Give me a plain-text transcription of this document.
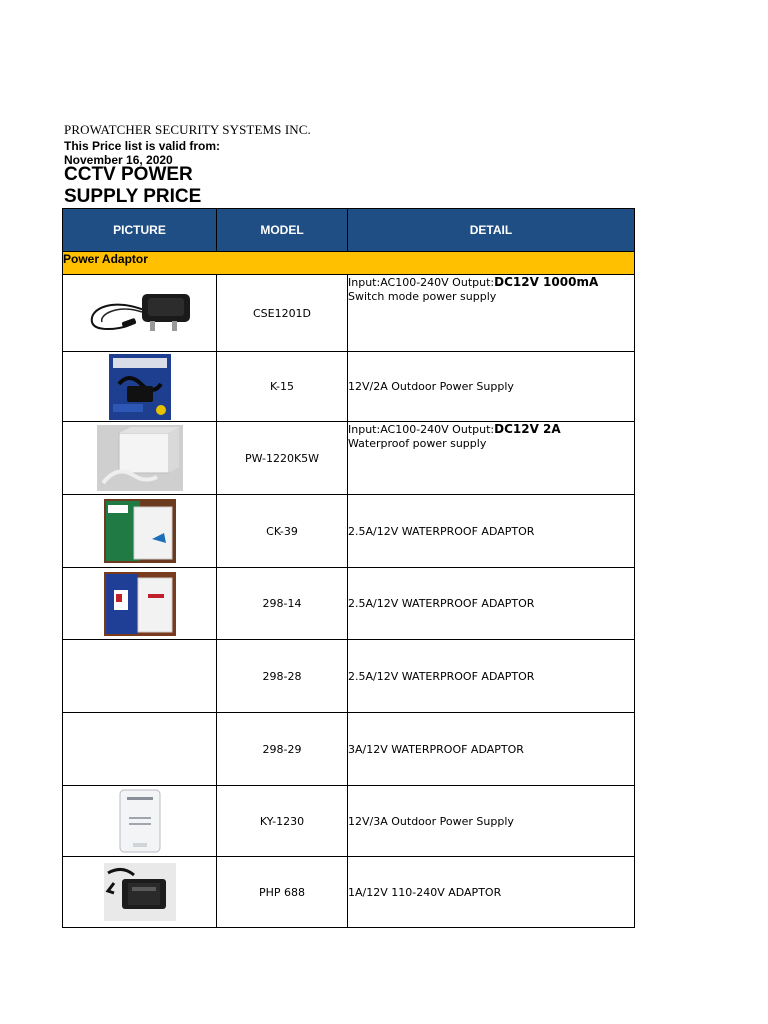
PROWATCHER SECURITY SYSTEMS INC.
This Price list is valid from:
November 16, 2020
CCTV POWER
SUPPLY PRICE
PICTURE	MODEL	DETAIL
Power Adaptor		
	CSE1201D	Input:AC100-240V Output:DC12V 1000mA
Switch mode power supply

	K-15	12V/2A Outdoor Power Supply
	PW-1220K5W	Input:AC100-240V Output:DC12V 2A
Waterproof power supply

	CK-39	2.5A/12V WATERPROOF ADAPTOR
	298-14	2.5A/12V WATERPROOF ADAPTOR
	298-28	2.5A/12V WATERPROOF ADAPTOR
	298-29	3A/12V WATERPROOF ADAPTOR
	KY-1230	12V/3A Outdoor Power Supply
	PHP 688	1A/12V 110-240V ADAPTOR
